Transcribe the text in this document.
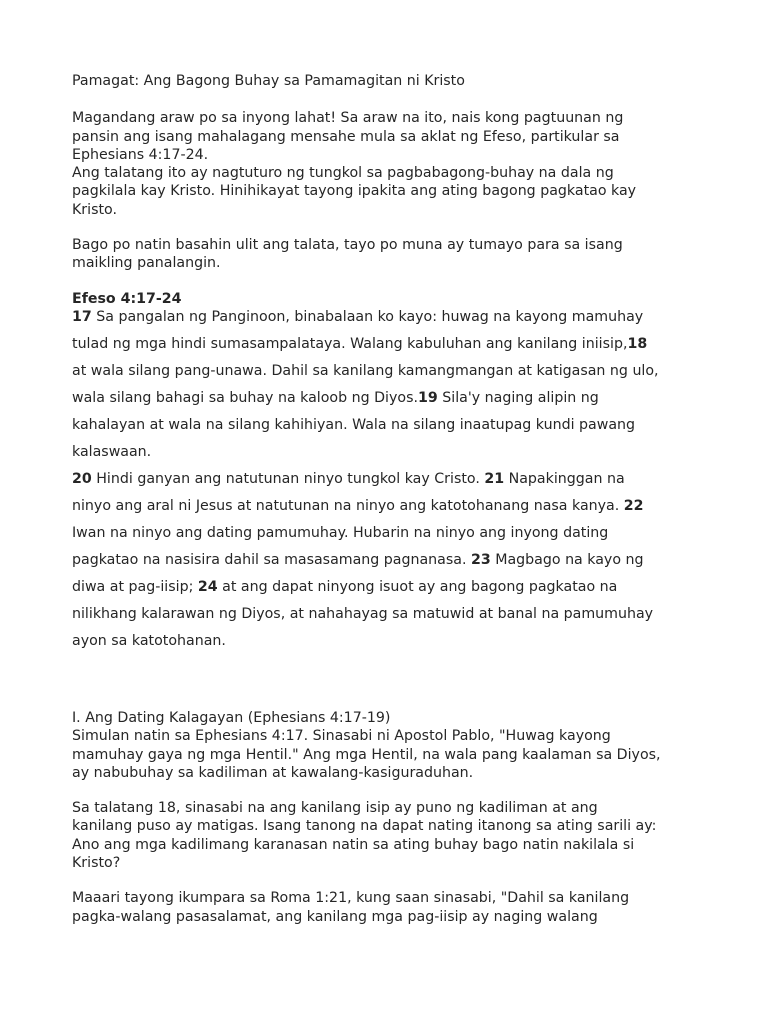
Pamagat: Ang Bagong Buhay sa Pamamagitan ni Kristo
Magandang araw po sa inyong lahat! Sa araw na ito, nais kong pagtuunan ng
pansin ang isang mahalagang mensahe mula sa aklat ng Efeso, partikular sa
Ephesians 4:17-24.
Ang talatang ito ay nagtuturo ng tungkol sa pagbabagong-buhay na dala ng
pagkilala kay Kristo. Hinihikayat tayong ipakita ang ating bagong pagkatao kay
Kristo.
Bago po natin basahin ulit ang talata, tayo po muna ay tumayo para sa isang
maikling panalangin.
Efeso 4:17-24
17 Sa pangalan ng Panginoon, binabalaan ko kayo: huwag na kayong mamuhay
tulad ng mga hindi sumasampalataya. Walang kabuluhan ang kanilang iniisip,18
at wala silang pang-unawa. Dahil sa kanilang kamangmangan at katigasan ng ulo,
wala silang bahagi sa buhay na kaloob ng Diyos.19 Sila'y naging alipin ng
kahalayan at wala na silang kahihiyan. Wala na silang inaatupag kundi pawang
kalaswaan.
20 Hindi ganyan ang natutunan ninyo tungkol kay Cristo. 21 Napakinggan na
ninyo ang aral ni Jesus at natutunan na ninyo ang katotohanang nasa kanya. 22
Iwan na ninyo ang dating pamumuhay. Hubarin na ninyo ang inyong dating
pagkatao na nasisira dahil sa masasamang pagnanasa. 23 Magbago na kayo ng
diwa at pag-iisip; 24 at ang dapat ninyong isuot ay ang bagong pagkatao na
nilikhang kalarawan ng Diyos, at nahahayag sa matuwid at banal na pamumuhay
ayon sa katotohanan.
I. Ang Dating Kalagayan (Ephesians 4:17-19)
Simulan natin sa Ephesians 4:17. Sinasabi ni Apostol Pablo, "Huwag kayong
mamuhay gaya ng mga Hentil." Ang mga Hentil, na wala pang kaalaman sa Diyos,
ay nabubuhay sa kadiliman at kawalang-kasiguraduhan.
Sa talatang 18, sinasabi na ang kanilang isip ay puno ng kadiliman at ang
kanilang puso ay matigas. Isang tanong na dapat nating itanong sa ating sarili ay:
Ano ang mga kadilimang karanasan natin sa ating buhay bago natin nakilala si
Kristo?
Maaari tayong ikumpara sa Roma 1:21, kung saan sinasabi, "Dahil sa kanilang
pagka-walang pasasalamat, ang kanilang mga pag-iisip ay naging walang
